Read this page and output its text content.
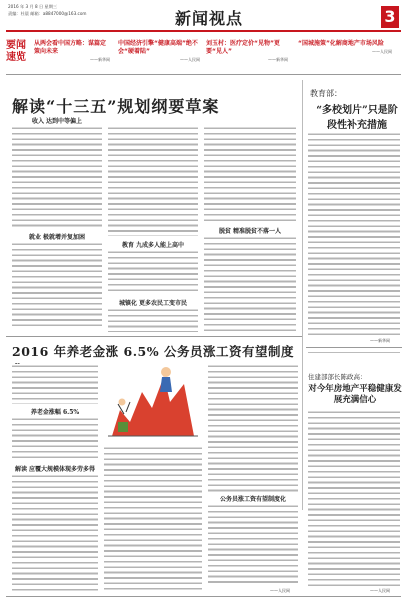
2016 年 3 月 8 日 星期三
责编：杜晨 邮箱：a8847000@163.com	新闻视点	3
要闻速览
从两会看中国方略：谋篇定策向未来
——新华网
中国经济引擎“健康高端”绝不会“硬着陆”
——人民网
刘玉村：医疗定价“见物”更要“见人”
——新华网
“国城施策”化解商地产市场风险
——人民网
解读“十三五”规划纲要草案
教育部：
“多校划片”只是阶段性补充措施
——新华网
收入 达到中等偏上
就业 极就增并复加困
教育 九成多人能上高中
城镇化 更多农民工变市民
脱贫 精准脱贫不落一人
2016 年养老金涨 6.5% 公务员涨工资有望制度
养老金涨幅 6.5%
解读 应覆大规模体现多劳多得
公务员涨工资有望制度化
——人民网
住建部部长陈政高：
对今年房地产平稳健康发展充满信心
——人民网
